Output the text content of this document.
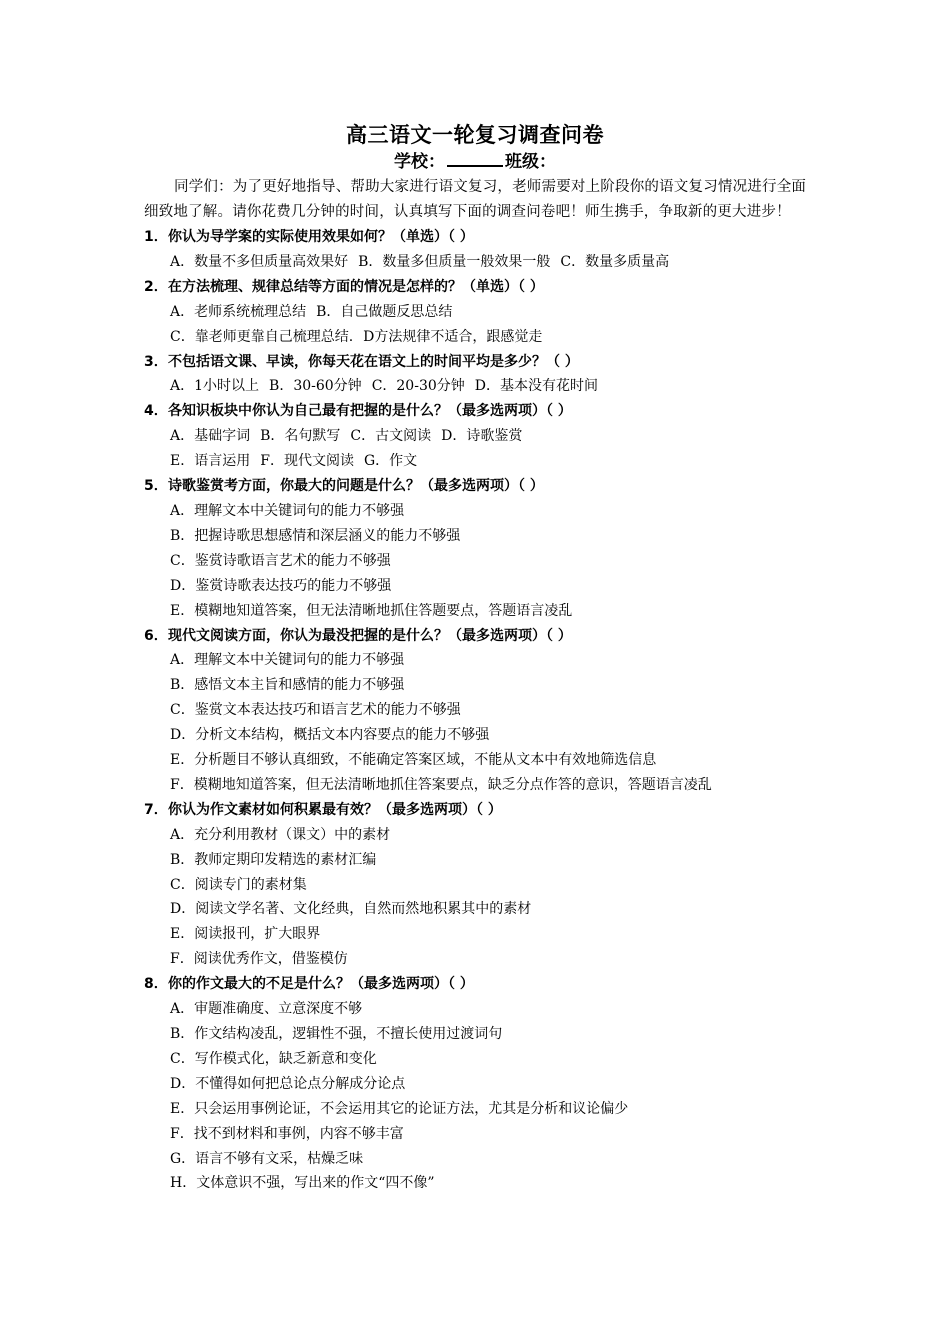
高三语文一轮复习调查问卷
学校：	班级：

同学们：为了更好地指导、帮助大家进行语文复习，老师需要对上阶段你的语文复习情况进行全面细致地了解。请你花费几分钟的时间，认真填写下面的调查问卷吧！师生携手，争取新的更大进步！

1．你认为导学案的实际使用效果如何？（单选）（ ）
A．数量不多但质量高效果好 B．数量多但质量一般效果一般 C．数量多质量高
2．在方法梳理、规律总结等方面的情况是怎样的？（单选）（ ）
A．老师系统梳理总结 B．自己做题反思总结
C．靠老师更靠自己梳理总结. D方法规律不适合，跟感觉走
3．不包括语文课、早读，你每天花在语文上的时间平均是多少？（ ）
A．1小时以上 B．30-60分钟 C．20-30分钟 D．基本没有花时间
4．各知识板块中你认为自己最有把握的是什么？（最多选两项）（ ）
A．基础字词 B．名句默写 C．古文阅读 D．诗歌鉴赏
E．语言运用 F．现代文阅读 G．作文
5．诗歌鉴赏考方面，你最大的问题是什么？（最多选两项）（ ）
A．理解文本中关键词句的能力不够强
B．把握诗歌思想感情和深层涵义的能力不够强
C．鉴赏诗歌语言艺术的能力不够强
D．鉴赏诗歌表达技巧的能力不够强
E．模糊地知道答案，但无法清晰地抓住答题要点，答题语言凌乱
6．现代文阅读方面，你认为最没把握的是什么？（最多选两项）（ ）
A．理解文本中关键词句的能力不够强
B．感悟文本主旨和感情的能力不够强
C．鉴赏文本表达技巧和语言艺术的能力不够强
D．分析文本结构，概括文本内容要点的能力不够强
E．分析题目不够认真细致，不能确定答案区域，不能从文本中有效地筛选信息
F．模糊地知道答案，但无法清晰地抓住答案要点，缺乏分点作答的意识，答题语言凌乱
7．你认为作文素材如何积累最有效？（最多选两项）（ ）
A．充分利用教材（课文）中的素材
B．教师定期印发精选的素材汇编
C．阅读专门的素材集
D．阅读文学名著、文化经典，自然而然地积累其中的素材
E．阅读报刊，扩大眼界
F．阅读优秀作文，借鉴模仿
8．你的作文最大的不足是什么？（最多选两项）（ ）
A．审题准确度、立意深度不够
B．作文结构凌乱，逻辑性不强，不擅长使用过渡词句
C．写作模式化，缺乏新意和变化
D．不懂得如何把总论点分解成分论点
E．只会运用事例论证，不会运用其它的论证方法，尤其是分析和议论偏少
F．找不到材料和事例，内容不够丰富
G．语言不够有文采，枯燥乏味
H．文体意识不强，写出来的作文“四不像”
